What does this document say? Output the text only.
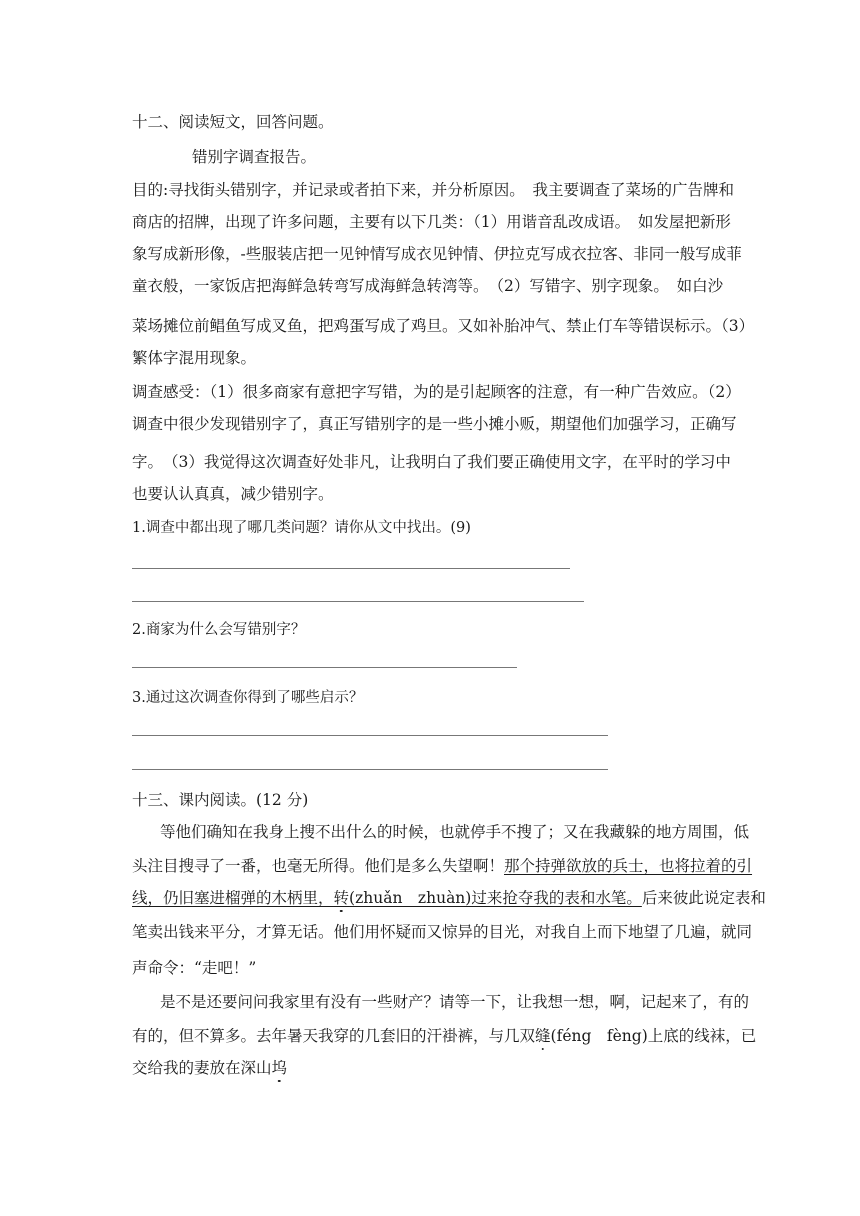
十二、阅读短文，回答问题。
错别字调查报告。
目的:寻找街头错别字，并记录或者拍下来，并分析原因。　我主要调查了菜场的广告牌和
商店的招牌，出现了许多问题，主要有以下几类：（1）用谐音乱改成语。　如发屋把新形
象写成新形像，-些服装店把一见钟情写成衣见钟情、伊拉克写成衣拉客、非同一般写成菲
童衣般，一家饭店把海鲜急转弯写成海鲜急转湾等。　（2）写错字、别字现象。　如白沙
菜场摊位前鲳鱼写成叉鱼，把鸡蛋写成了鸡旦。又如补胎冲气、禁止仃车等错误标示。（3）
繁体字混用现象。
调查感受：（1）很多商家有意把字写错，为的是引起顾客的注意，有一种广告效应。（2）
调查中很少发现错别字了，真正写错别字的是一些小摊小贩，期望他们加强学习，正确写
字。　（3）我觉得这次调查好处非凡，让我明白了我们要正确使用文字，在平时的学习中
也要认认真真，减少错别字。
1.调查中都出现了哪几类问题？请你从文中找出。(9)
2.商家为什么会写错别字？
3.通过这次调查你得到了哪些启示？
十三、课内阅读。(12 分)
等他们确知在我身上搜不出什么的时候，也就停手不搜了；又在我藏躲的地方周围，低
头注目搜寻了一番，也毫无所得。他们是多么失望啊！那个持弹欲放的兵士，也将拉着的引
线，仍旧塞进榴弹的木柄里，转(zhuǎn　zhuàn)过来抢夺我的表和水笔。后来彼此说定表和
笔卖出钱来平分，才算无话。他们用怀疑而又惊异的目光，对我自上而下地望了几遍，就同
声命令：“走吧！”
是不是还要问问我家里有没有一些财产？请等一下，让我想一想，啊，记起来了，有的
有的，但不算多。去年暑天我穿的几套旧的汗褂裤，与几双缝(féng　fèng)上底的线袜，已
交给我的妻放在深山坞
